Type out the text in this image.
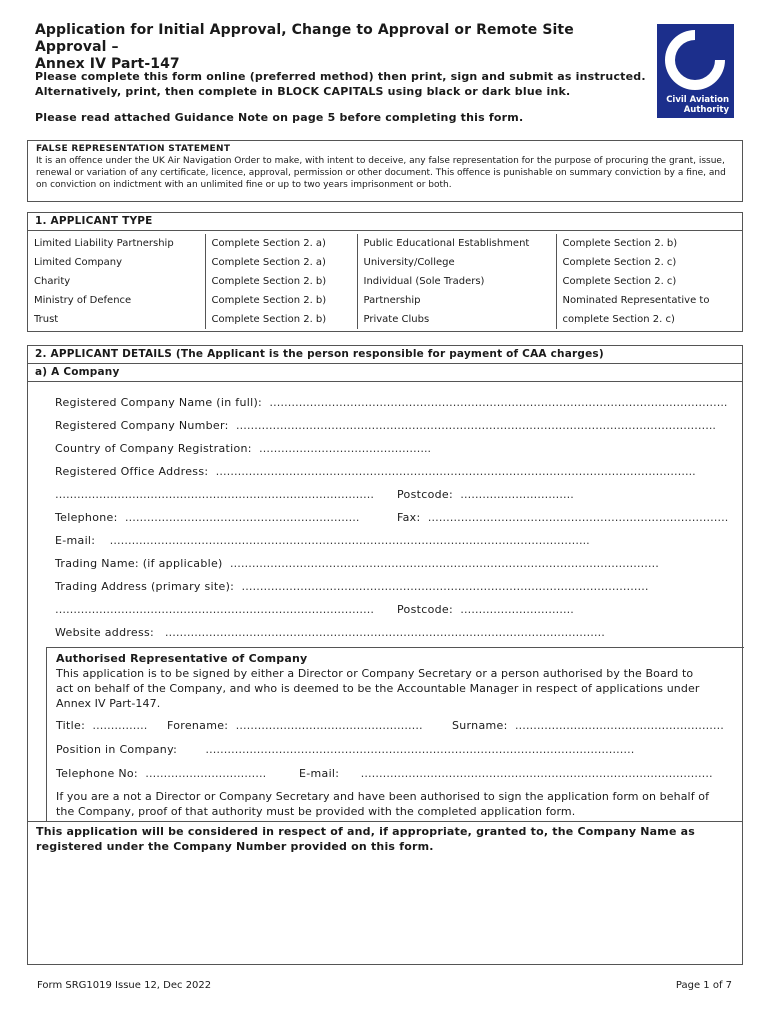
Application for Initial Approval, Change to Approval or Remote Site Approval –
Annex IV Part-147
Civil Aviation
Authority
Please complete this form online (preferred method) then print, sign and submit as instructed.
Alternatively, print, then complete in BLOCK CAPITALS using black or dark blue ink.
Please read attached Guidance Note on page 5 before completing this form.
FALSE REPRESENTATION STATEMENT
It is an offence under the UK Air Navigation Order to make, with intent to deceive, any false representation for the purpose of procuring the grant, issue, renewal or variation of any certificate, licence, approval, permission or other document. This offence is punishable on summary conviction by a fine, and on conviction on indictment with an unlimited fine or up to two years imprisonment or both.
1. APPLICANT TYPE
Limited Liability Partnership	Complete Section 2. a)	Public Educational Establishment	Complete Section 2. b)
Limited Company	Complete Section 2. a)	University/College	Complete Section 2. c)
Charity	Complete Section 2. b)	Individual (Sole Traders)	Complete Section 2. c)
Ministry of Defence	Complete Section 2. b)	Partnership	Nominated Representative to
Trust	Complete Section 2. b)	Private Clubs	complete Section 2. c)
2. APPLICANT DETAILS (The Applicant is the person responsible for payment of CAA charges)
a) A Company
Registered Company Name (in full):  ……………………………………………………………………………………………………………..
Registered Company Number:  …………………………………………………………………………………………………………………..
Country of Company Registration:  ………………………………………..
Registered Office Address:  …………………………………………………………………………………………………………………..
…………………………………………………………………………… Postcode:  ………………………….
Telephone:  ……………………………………………………….	Fax:  ……………………………………………………………………….
E-mail:    …………………………………………………………………………………………………………………..
Trading Name: (if applicable)  ………………………………………………………………………………………………………
Trading Address (primary site):  …………………………………………………………………………………………………
…………………………………………………………………………… Postcode:  ………………………….
Website address:   …………………………………………………………………………………………………………
Authorised Representative of Company
This application is to be signed by either a Director or Company Secretary or a person authorised by the Board to act on behalf of the Company, and who is deemed to be the Accountable Manager in respect of applications under Annex IV Part-147.
Title:  …………… Forename:  ……………………………………………	Surname:  …………………………………………………
Position in Company:        ………………………………………………………………………………………………………
Telephone No:  ……………………………	E-mail:      ……………………………………………………………………………………
If you are a not a Director or Company Secretary and have been authorised to sign the application form on behalf of the Company, proof of that authority must be provided with the completed application form.
This application will be considered in respect of and, if appropriate, granted to, the Company Name as registered under the Company Number provided on this form.
Form SRG1019 Issue 12, Dec 2022	Page 1 of 7
